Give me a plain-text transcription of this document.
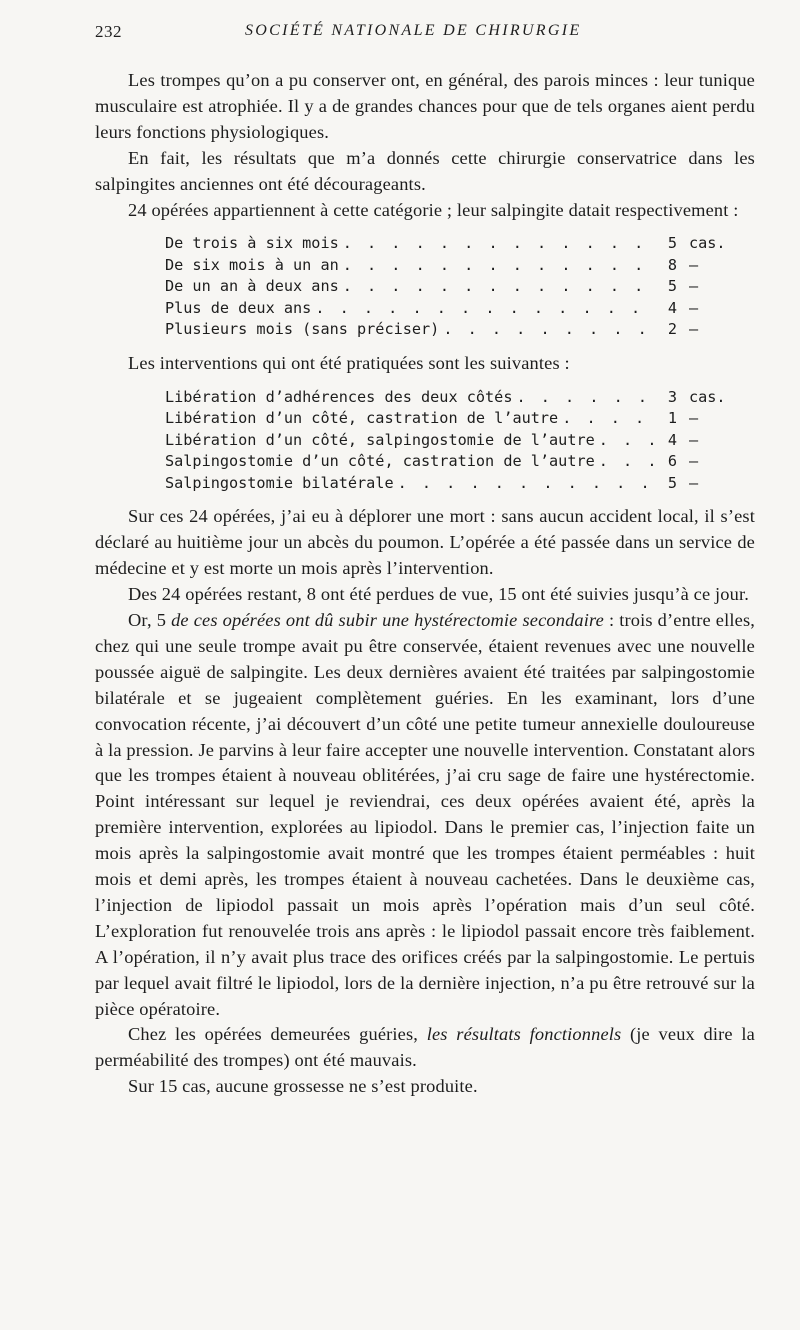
232	SOCIÉTÉ NATIONALE DE CHIRURGIE

Les trompes qu’on a pu conserver ont, en général, des parois minces : leur tunique musculaire est atrophiée. Il y a de grandes chances pour que de tels organes aient perdu leurs fonctions physiologiques.

En fait, les résultats que m’a donnés cette chirurgie conservatrice dans les salpingites anciennes ont été décourageants.

24 opérées appartiennent à cette catégorie ; leur salpingite datait respectivement :

De trois à six mois . . .	5 cas.
De six mois à un an . . .	8 —
De un an à deux ans . . .	5 —
Plus de deux ans . . .	4 —
Plusieurs mois (sans préciser) . . .	2 —

Les interventions qui ont été pratiquées sont les suivantes :

Libération d’adhérences des deux côtés . . .	3 cas.
Libération d’un côté, castration de l’autre . . .	1 —
Libération d’un côté, salpingostomie de l’autre . . .	4 —
Salpingostomie d’un côté, castration de l’autre . . .	6 —
Salpingostomie bilatérale . . .	5 —

Sur ces 24 opérées, j’ai eu à déplorer une mort : sans aucun accident local, il s’est déclaré au huitième jour un abcès du poumon. L’opérée a été passée dans un service de médecine et y est morte un mois après l’intervention.

Des 24 opérées restant, 8 ont été perdues de vue, 15 ont été suivies jusqu’à ce jour.

Or, 5 de ces opérées ont dû subir une hystérectomie secondaire : trois d’entre elles, chez qui une seule trompe avait pu être conservée, étaient revenues avec une nouvelle poussée aiguë de salpingite. Les deux dernières avaient été traitées par salpingostomie bilatérale et se jugeaient complètement guéries. En les examinant, lors d’une convocation récente, j’ai découvert d’un côté une petite tumeur annexielle douloureuse à la pression. Je parvins à leur faire accepter une nouvelle intervention. Constatant alors que les trompes étaient à nouveau oblitérées, j’ai cru sage de faire une hystérectomie. Point intéressant sur lequel je reviendrai, ces deux opérées avaient été, après la première intervention, explorées au lipiodol. Dans le premier cas, l’injection faite un mois après la salpingostomie avait montré que les trompes étaient perméables : huit mois et demi après, les trompes étaient à nouveau cachetées. Dans le deuxième cas, l’injection de lipiodol passait un mois après l’opération mais d’un seul côté. L’exploration fut renouvelée trois ans après : le lipiodol passait encore très faiblement. A l’opération, il n’y avait plus trace des orifices créés par la salpingostomie. Le pertuis par lequel avait filtré le lipiodol, lors de la dernière injection, n’a pu être retrouvé sur la pièce opératoire.

Chez les opérées demeurées guéries, les résultats fonctionnels (je veux dire la perméabilité des trompes) ont été mauvais.

Sur 15 cas, aucune grossesse ne s’est produite.
